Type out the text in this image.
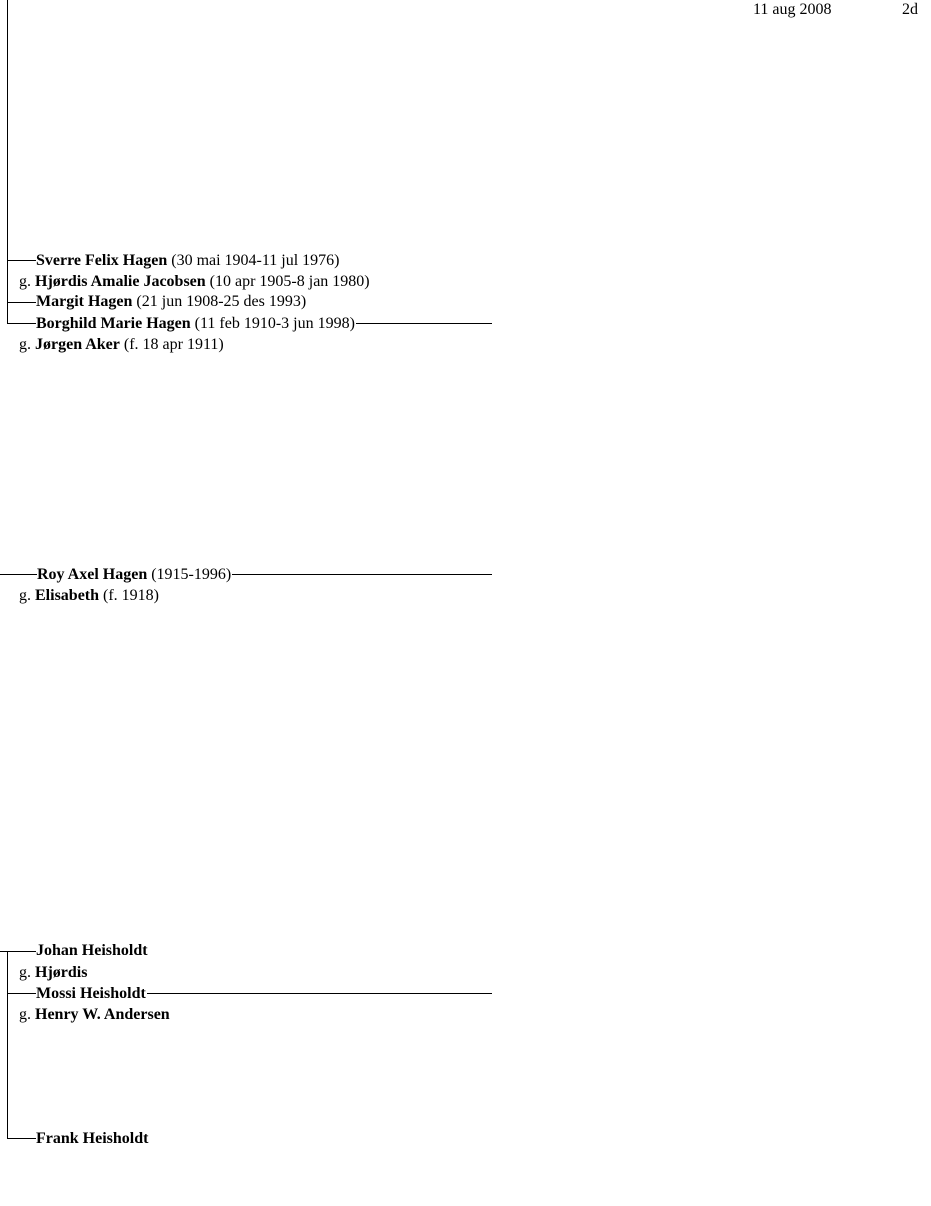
11 aug 2008	2d
Sverre Felix Hagen (30 mai 1904-11 jul 1976)
g. Hjørdis Amalie Jacobsen (10 apr 1905-8 jan 1980)
Margit Hagen (21 jun 1908-25 des 1993)
Borghild Marie Hagen (11 feb 1910-3 jun 1998)
g. Jørgen Aker (f. 18 apr 1911)
Roy Axel Hagen (1915-1996)
g. Elisabeth (f. 1918)
Johan Heisholdt
g. Hjørdis
Mossi Heisholdt
g. Henry W. Andersen
Frank Heisholdt
